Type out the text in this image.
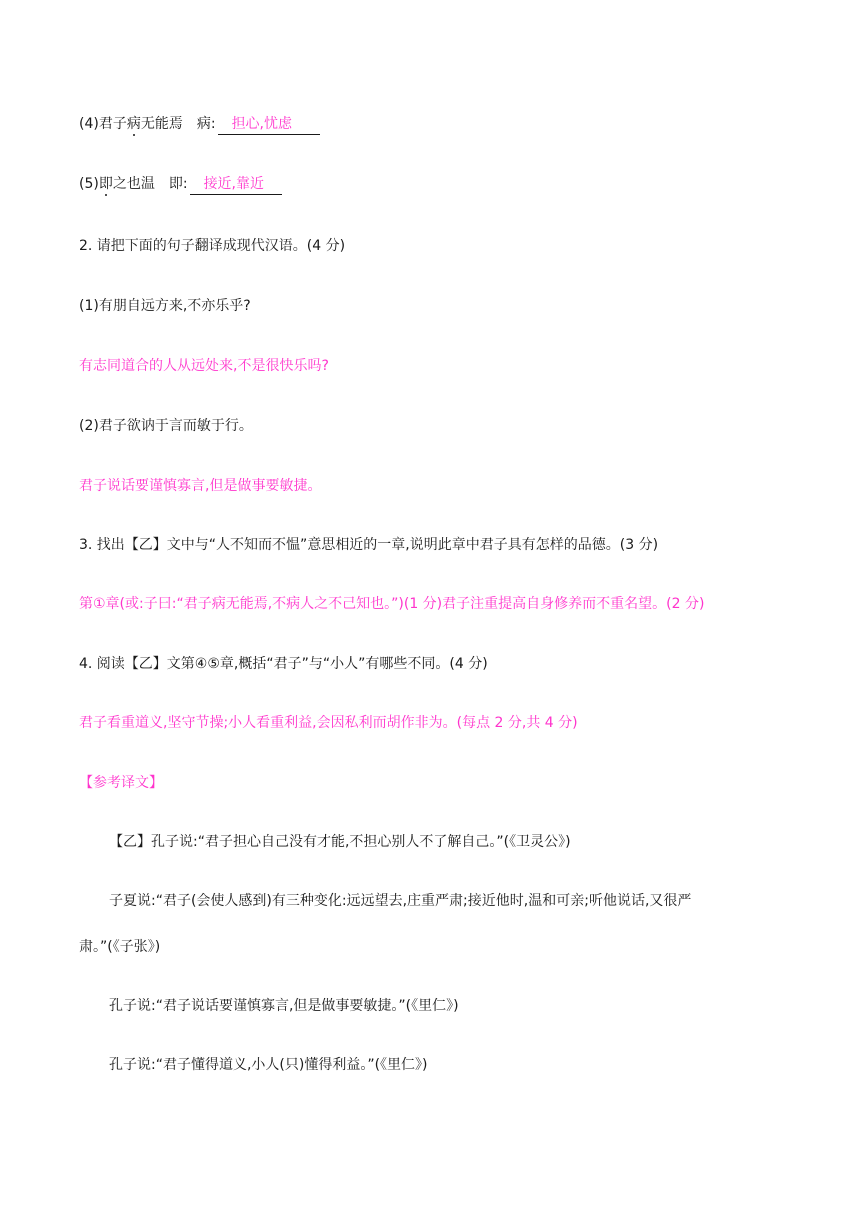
(4)君子病无能焉 病: 担心,忧虑
(5)即之也温 即: 接近,靠近
2. 请把下面的句子翻译成现代汉语。(4 分)
(1)有朋自远方来,不亦乐乎?
有志同道合的人从远处来,不是很快乐吗?
(2)君子欲讷于言而敏于行。
君子说话要谨慎寡言,但是做事要敏捷。
3. 找出【乙】文中与“人不知而不愠”意思相近的一章,说明此章中君子具有怎样的品德。(3 分)
第①章(或:子曰:“君子病无能焉,不病人之不己知也。”)(1 分)君子注重提高自身修养而不重名望。(2 分)
4. 阅读【乙】文第④⑤章,概括“君子”与“小人”有哪些不同。(4 分)
君子看重道义,坚守节操;小人看重利益,会因私利而胡作非为。(每点 2 分,共 4 分)
【参考译文】
【乙】孔子说:“君子担心自己没有才能,不担心别人不了解自己。”(《卫灵公》)
子夏说:“君子(会使人感到)有三种变化:远远望去,庄重严肃;接近他时,温和可亲;听他说话,又很严
肃。”(《子张》)
孔子说:“君子说话要谨慎寡言,但是做事要敏捷。”(《里仁》)
孔子说:“君子懂得道义,小人(只)懂得利益。”(《里仁》)
